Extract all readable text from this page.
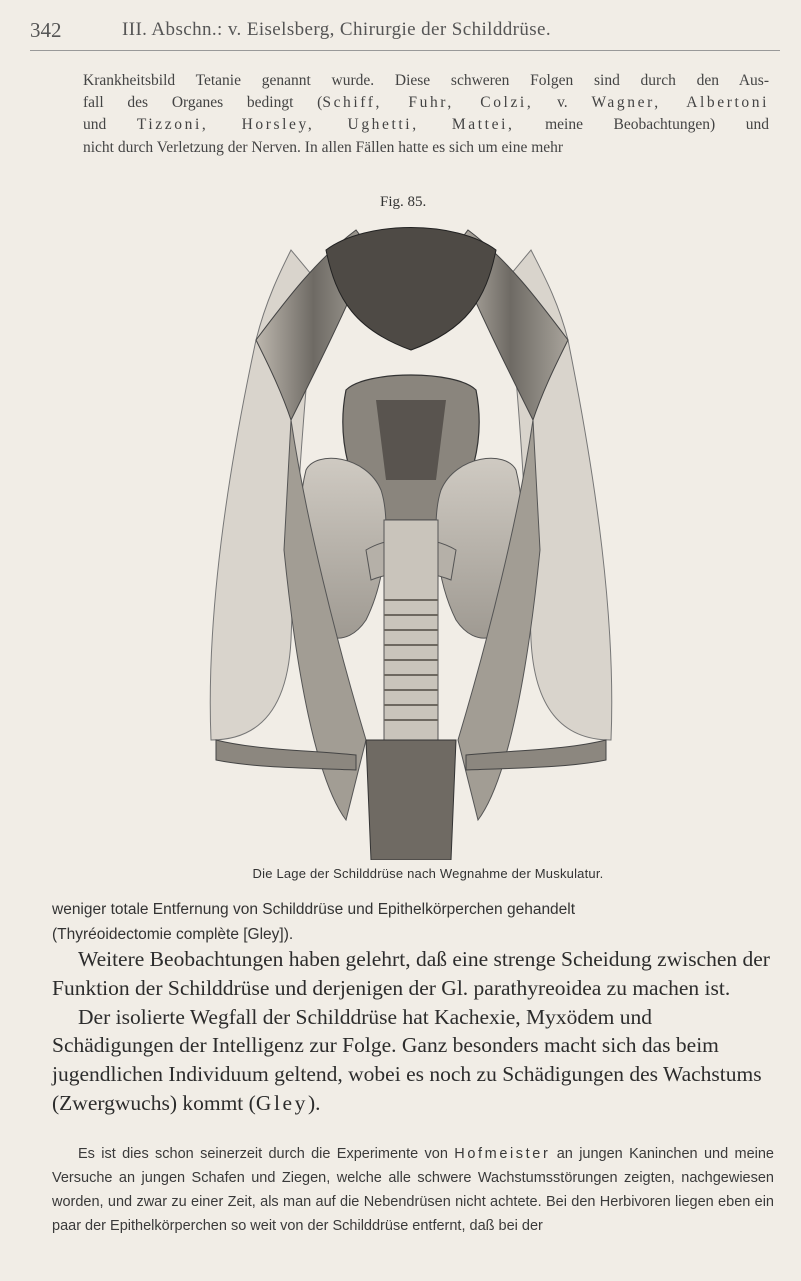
342	III. Abschn.: v. Eiselsberg, Chirurgie der Schilddrüse.
Krankheitsbild Tetanie genannt wurde. Diese schweren Folgen sind durch den Aus-
fall des Organes bedingt (Schiff, Fuhr, Colzi, v. Wagner, Albertoni
und Tizzoni, Horsley, Ughetti, Mattei, meine Beobachtungen) und
nicht durch Verletzung der Nerven. In allen Fällen hatte es sich um eine mehr
Fig. 85.
Die Lage der Schilddrüse nach Wegnahme der Muskulatur.
weniger totale Entfernung von Schilddrüse und Epithelkörperchen gehandelt
(Thyréoidectomie complète [Gley]).

Weitere Beobachtungen haben gelehrt, daß eine strenge Scheidung zwischen der Funktion der Schilddrüse und derjenigen der Gl. parathyreoidea zu machen ist.
Der isolierte Wegfall der Schilddrüse hat Kachexie, Myxödem und Schädigungen der Intelligenz zur Folge. Ganz besonders macht sich das beim jugendlichen Individuum geltend, wobei es noch zu Schädigungen des Wachstums (Zwergwuchs) kommt (Gley).

Es ist dies schon seinerzeit durch die Experimente von Hofmeister an jungen Kaninchen und meine Versuche an jungen Schafen und Ziegen, welche alle schwere Wachstumsstörungen zeigten, nachgewiesen worden, und zwar zu einer Zeit, als man auf die Nebendrüsen nicht achtete. Bei den Herbivoren liegen eben ein paar der Epithelkörperchen so weit von der Schilddrüse entfernt, daß bei der
